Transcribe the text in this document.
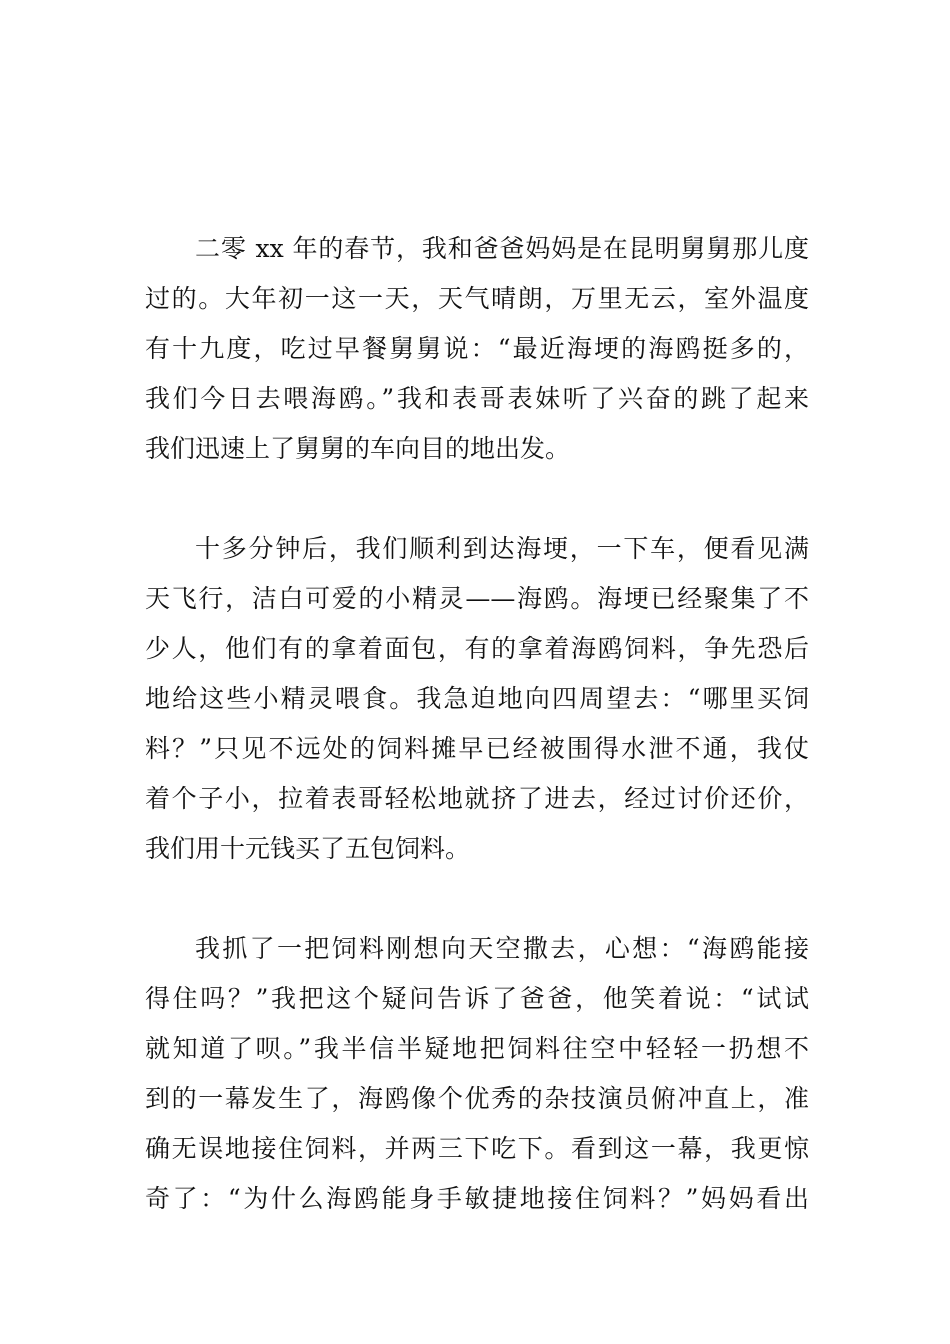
二零 xx 年的春节，我和爸爸妈妈是在昆明舅舅那儿度
过的。大年初一这一天，天气晴朗，万里无云，室外温度
有十九度，吃过早餐舅舅说：“最近海埂的海鸥挺多的，
我们今日去喂海鸥。”我和表哥表妹听了兴奋的跳了起来
我们迅速上了舅舅的车向目的地出发。
十多分钟后，我们顺利到达海埂，一下车，便看见满
天飞行，洁白可爱的小精灵——海鸥。海埂已经聚集了不
少人，他们有的拿着面包，有的拿着海鸥饲料，争先恐后
地给这些小精灵喂食。我急迫地向四周望去：“哪里买饲
料？”只见不远处的饲料摊早已经被围得水泄不通，我仗
着个子小，拉着表哥轻松地就挤了进去，经过讨价还价，
我们用十元钱买了五包饲料。
我抓了一把饲料刚想向天空撒去，心想：“海鸥能接
得住吗？”我把这个疑问告诉了爸爸，他笑着说：“试试
就知道了呗。”我半信半疑地把饲料往空中轻轻一扔想不
到的一幕发生了，海鸥像个优秀的杂技演员俯冲直上，准
确无误地接住饲料，并两三下吃下。看到这一幕，我更惊
奇了：“为什么海鸥能身手敏捷地接住饲料？”妈妈看出
